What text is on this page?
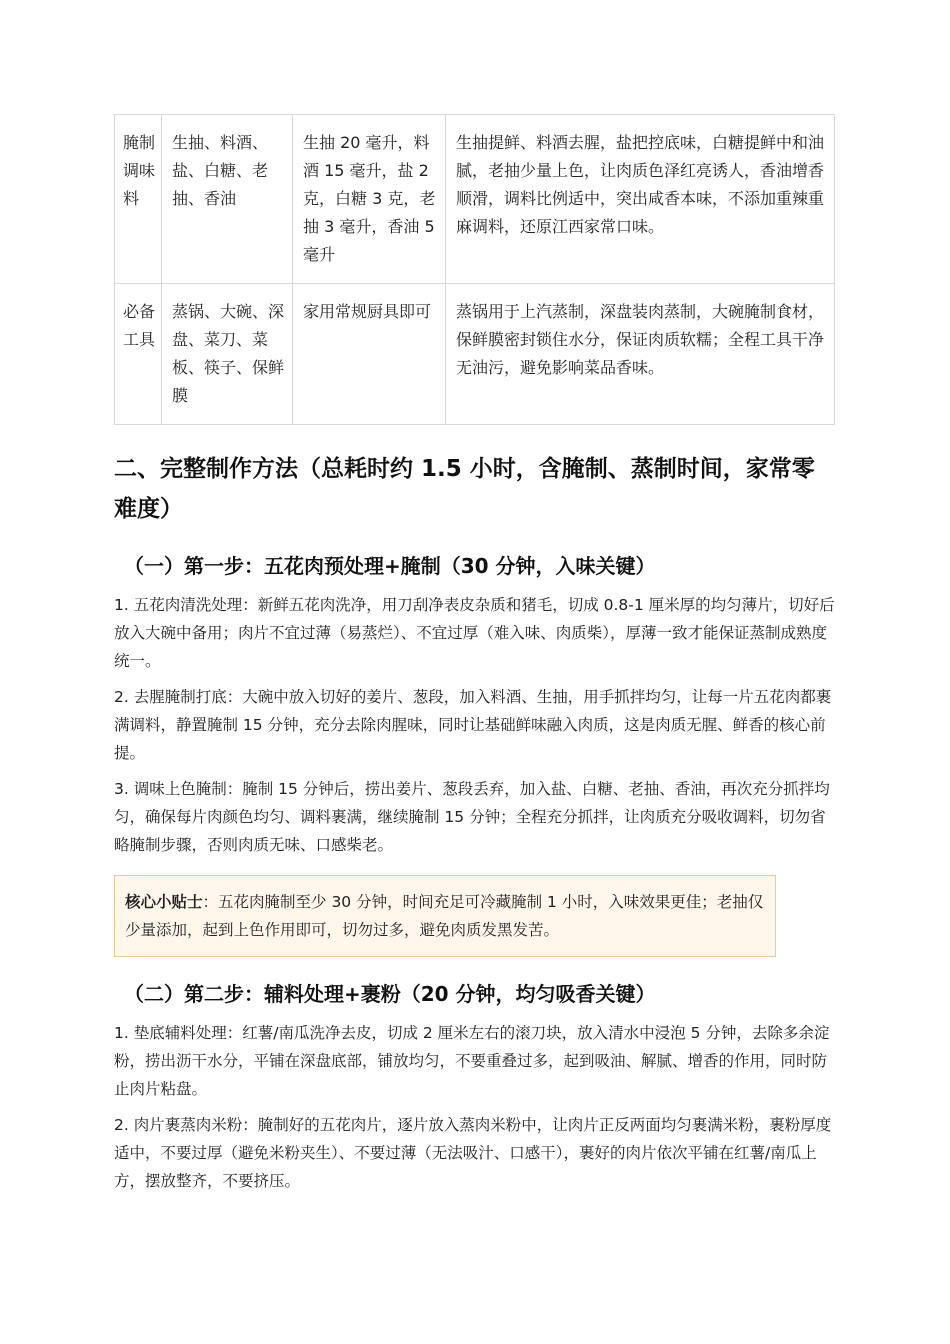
腌制调味料	生抽、料酒、盐、白糖、老抽、香油	生抽 20 毫升，料酒 15 毫升，盐 2 克，白糖 3 克，老抽 3 毫升，香油 5 毫升	生抽提鲜、料酒去腥，盐把控底味，白糖提鲜中和油腻，老抽少量上色，让肉质色泽红亮诱人，香油增香顺滑，调料比例适中，突出咸香本味，不添加重辣重麻调料，还原江西家常口味。
必备工具	蒸锅、大碗、深盘、菜刀、菜板、筷子、保鲜膜	家用常规厨具即可	蒸锅用于上汽蒸制，深盘装肉蒸制，大碗腌制食材，保鲜膜密封锁住水分，保证肉质软糯；全程工具干净无油污，避免影响菜品香味。
二、完整制作方法（总耗时约 1.5 小时，含腌制、蒸制时间，家常零难度）
（一）第一步：五花肉预处理+腌制（30 分钟，入味关键）

1. 五花肉清洗处理：新鲜五花肉洗净，用刀刮净表皮杂质和猪毛，切成 0.8-1 厘米厚的均匀薄片，切好后放入大碗中备用；肉片不宜过薄（易蒸烂）、不宜过厚（难入味、肉质柴），厚薄一致才能保证蒸制成熟度统一。

2. 去腥腌制打底：大碗中放入切好的姜片、葱段，加入料酒、生抽，用手抓拌均匀，让每一片五花肉都裹满调料，静置腌制 15 分钟，充分去除肉腥味，同时让基础鲜味融入肉质，这是肉质无腥、鲜香的核心前提。

3. 调味上色腌制：腌制 15 分钟后，捞出姜片、葱段丢弃，加入盐、白糖、老抽、香油，再次充分抓拌均匀，确保每片肉颜色均匀、调料裹满，继续腌制 15 分钟；全程充分抓拌，让肉质充分吸收调料，切勿省略腌制步骤，否则肉质无味、口感柴老。

核心小贴士：五花肉腌制至少 30 分钟，时间充足可冷藏腌制 1 小时，入味效果更佳；老抽仅少量添加，起到上色作用即可，切勿过多，避免肉质发黑发苦。
（二）第二步：辅料处理+裹粉（20 分钟，均匀吸香关键）

1. 垫底辅料处理：红薯/南瓜洗净去皮，切成 2 厘米左右的滚刀块，放入清水中浸泡 5 分钟，去除多余淀粉，捞出沥干水分，平铺在深盘底部，铺放均匀，不要重叠过多，起到吸油、解腻、增香的作用，同时防止肉片粘盘。

2. 肉片裹蒸肉米粉：腌制好的五花肉片，逐片放入蒸肉米粉中，让肉片正反两面均匀裹满米粉，裹粉厚度适中，不要过厚（避免米粉夹生）、不要过薄（无法吸汁、口感干），裹好的肉片依次平铺在红薯/南瓜上方，摆放整齐，不要挤压。
